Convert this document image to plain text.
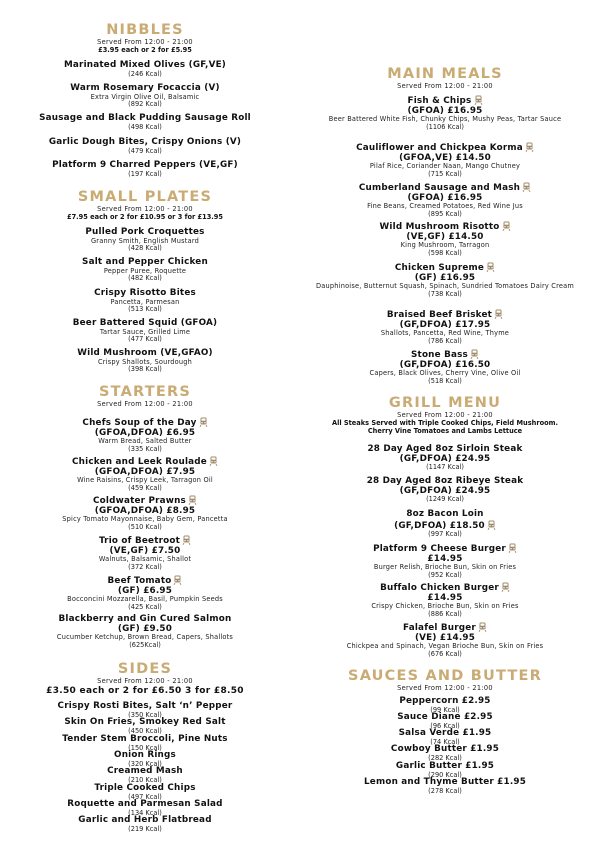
NIBBLES
Served From 12:00 - 21:00
£3.95 each or 2 for £5.95
Marinated Mixed Olives (GF,VE)
(246 Kcal)
Warm Rosemary Focaccia (V)
Extra Virgin Olive Oil, Balsamic
(892 Kcal)
Sausage and Black Pudding Sausage Roll
(498 Kcal)
Garlic Dough Bites, Crispy Onions (V)
(479 Kcal)
Platform 9 Charred Peppers (VE,GF)
(197 Kcal)
SMALL PLATES
Served From 12:00 - 21:00
£7.95 each or 2 for £10.95 or 3 for £13.95
Pulled Pork Croquettes
Granny Smith, English Mustard
(428 Kcal)
Salt and Pepper Chicken
Pepper Puree, Roquette
(482 Kcal)
Crispy Risotto Bites
Pancetta, Parmesan
(513 Kcal)
Beer Battered Squid (GFOA)
Tartar Sauce, Grilled Lime
(477 Kcal)
Wild Mushroom (VE,GFAO)
Crispy Shallots, Sourdough
(398 Kcal)
STARTERS
Served From 12:00 - 21:00
Chefs Soup of the Day
(GFOA,DFOA) £6.95
Warm Bread, Salted Butter
(335 Kcal)
Chicken and Leek Roulade
(GFOA,DFOA) £7.95
Wine Raisins, Crispy Leek, Tarragon Oil
(459 Kcal)
Coldwater Prawns
(GFOA,DFOA) £8.95
Spicy Tomato Mayonnaise, Baby Gem, Pancetta
(510 Kcal)
Trio of Beetroot
(VE,GF) £7.50
Walnuts, Balsamic, Shallot
(372 Kcal)
Beef Tomato
(GF) £6.95
Bocconcini Mozzarella, Basil, Pumpkin Seeds
(425 Kcal)
Blackberry and Gin Cured Salmon
(GF) £9.50
Cucumber Ketchup, Brown Bread, Capers, Shallots
(625Kcal)
SIDES
Served From 12:00 - 21:00
£3.50 each or 2 for £6.50 3 for £8.50
Crispy Rosti Bites, Salt ‘n’ Pepper
(350 Kcal)
Skin On Fries, Smokey Red Salt
(450 Kcal)
Tender Stem Broccoli, Pine Nuts
(150 Kcal)
Onion Rings
(320 Kcal)
Creamed Mash
(210 Kcal)
Triple Cooked Chips
(497 Kcal)
Roquette and Parmesan Salad
(134 Kcal)
Garlic and Herb Flatbread
(219 Kcal)
MAIN MEALS
Served From 12:00 - 21:00
Fish & Chips
(GFOA) £16.95
Beer Battered White Fish, Chunky Chips, Mushy Peas, Tartar Sauce
(1106 Kcal)
Cauliflower and Chickpea Korma
(GFOA,VE) £14.50
Pilaf Rice, Coriander Naan, Mango Chutney
(715 Kcal)
Cumberland Sausage and Mash
(GFOA) £16.95
Fine Beans, Creamed Potatoes, Red Wine Jus
(895 Kcal)
Wild Mushroom Risotto
(VE,GF) £14.50
King Mushroom, Tarragon
(598 Kcal)
Chicken Supreme
(GF) £16.95
Dauphinoise, Butternut Squash, Spinach, Sundried Tomatoes Dairy Cream
(738 Kcal)
Braised Beef Brisket
(GF,DFOA) £17.95
Shallots, Pancetta, Red Wine, Thyme
(786 Kcal)
Stone Bass
(GF,DFOA) £16.50
Capers, Black Olives, Cherry Vine, Olive Oil
(518 Kcal)
GRILL MENU
Served From 12:00 - 21:00
All Steaks Served with Triple Cooked Chips, Field Mushroom. Cherry Vine Tomatoes and Lambs Lettuce
28 Day Aged 8oz Sirloin Steak
(GF,DFOA) £24.95
(1147 Kcal)
28 Day Aged 8oz Ribeye Steak
(GF,DFOA) £24.95
(1249 Kcal)
8oz Bacon Loin
(GF,DFOA) £18.50
(997 Kcal)
Platform 9 Cheese Burger
£14.95
Burger Relish, Brioche Bun, Skin on Fries
(952 Kcal)
Buffalo Chicken Burger
£14.95
Crispy Chicken, Brioche Bun, Skin on Fries
(886 Kcal)
Falafel Burger
(VE) £14.95
Chickpea and Spinach, Vegan Brioche Bun, Skin on Fries
(676 Kcal)
SAUCES AND BUTTER
Served From 12:00 - 21:00
Peppercorn £2.95
(99 Kcal)
Sauce Diane £2.95
(96 Kcal)
Salsa Verde £1.95
(74 Kcal)
Cowboy Butter £1.95
(282 Kcal)
Garlic Butter £1.95
(290 Kcal)
Lemon and Thyme Butter £1.95
(278 Kcal)
